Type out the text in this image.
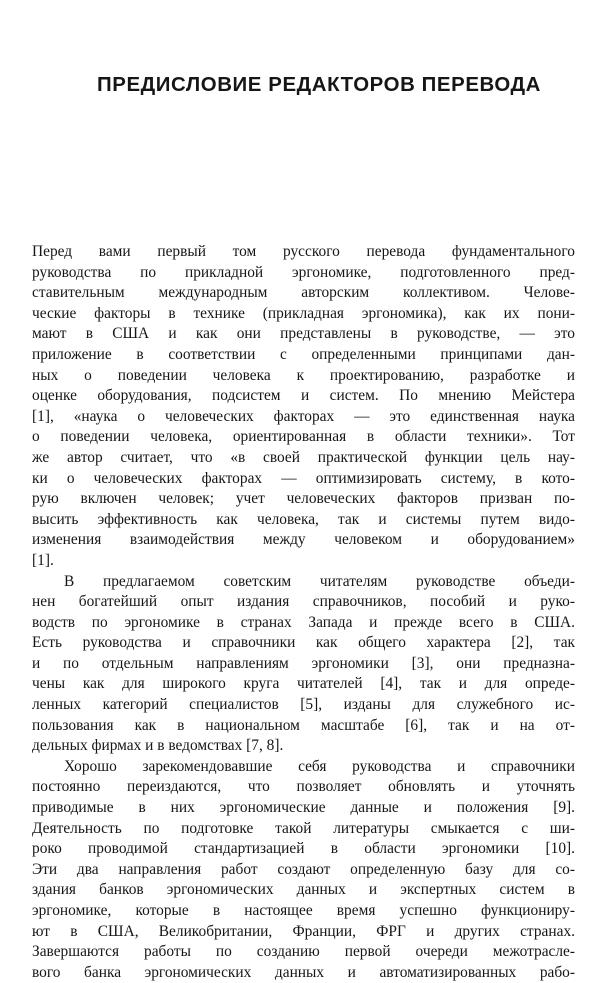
ПРЕДИСЛОВИЕ РЕДАКТОРОВ ПЕРЕВОДА
Перед вами первый том русского перевода фундаментального
руководства по прикладной эргономике, подготовленного пред-
ставительным международным авторским коллективом. Челове-
ческие факторы в технике (прикладная эргономика), как их пони-
мают в США и как они представлены в руководстве, — это
приложение в соответствии с определенными принципами дан-
ных о поведении человека к проектированию, разработке и
оценке оборудования, подсистем и систем. По мнению Мейстера
[1], «наука о человеческих факторах — это единственная наука
о поведении человека, ориентированная в области техники». Тот
же автор считает, что «в своей практической функции цель нау-
ки о человеческих факторах — оптимизировать систему, в кото-
рую включен человек; учет человеческих факторов призван по-
высить эффективность как человека, так и системы путем видо-
изменения взаимодействия между человеком и оборудованием»
[1].
В предлагаемом советским читателям руководстве объеди-
нен богатейший опыт издания справочников, пособий и руко-
водств по эргономике в странах Запада и прежде всего в США.
Есть руководства и справочники как общего характера [2], так
и по отдельным направлениям эргономики [3], они предназна-
чены как для широкого круга читателей [4], так и для опреде-
ленных категорий специалистов [5], изданы для служебного ис-
пользования как в национальном масштабе [6], так и на от-
дельных фирмах и в ведомствах [7, 8].
Хорошо зарекомендовавшие себя руководства и справочники
постоянно переиздаются, что позволяет обновлять и уточнять
приводимые в них эргономические данные и положения [9].
Деятельность по подготовке такой литературы смыкается с ши-
роко проводимой стандартизацией в области эргономики [10].
Эти два направления работ создают определенную базу для со-
здания банков эргономических данных и экспертных систем в
эргономике, которые в настоящее время успешно функциониру-
ют в США, Великобритании, Франции, ФРГ и других странах.
Завершаются работы по созданию первой очереди межотрасле-
вого банка эргономических данных и автоматизированных рабо-
